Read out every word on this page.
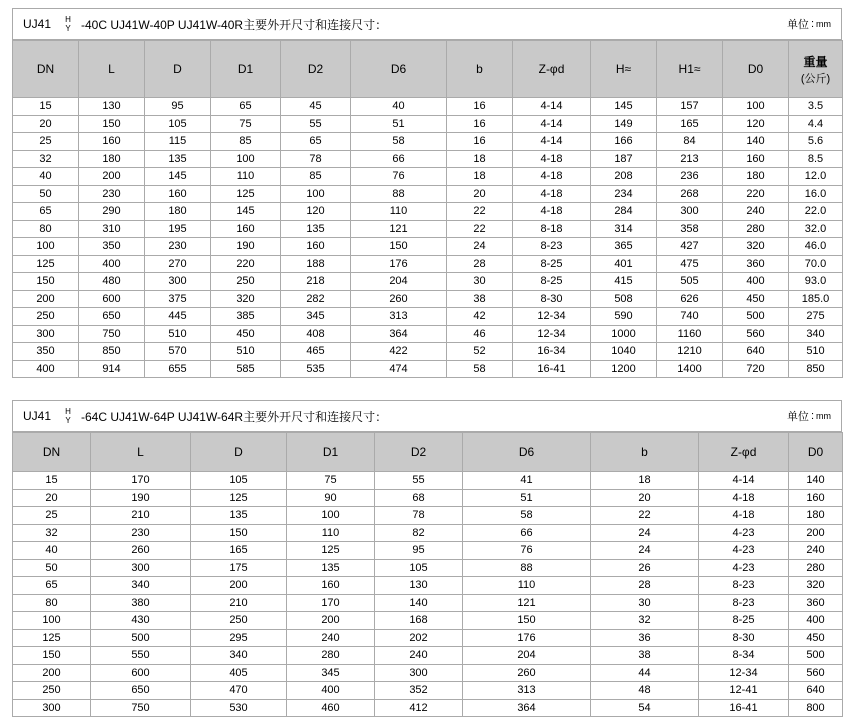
UJ41	H
Y -40C UJ41W-40P UJ41W-40R主要外开尺寸和连接尺寸：	单位 : mm
DN	L	D	D1	D2	D6	b	Z-φd	H≈	H1≈	D0	重量
(公斤)

15	130	95	65	45	40	16	4-14	145	157	100	3.5
20	150	105	75	55	51	16	4-14	149	165	120	4.4
25	160	115	85	65	58	16	4-14	166	84	140	5.6
32	180	135	100	78	66	18	4-18	187	213	160	8.5
40	200	145	110	85	76	18	4-18	208	236	180	12.0
50	230	160	125	100	88	20	4-18	234	268	220	16.0
65	290	180	145	120	110	22	4-18	284	300	240	22.0
80	310	195	160	135	121	22	8-18	314	358	280	32.0
100	350	230	190	160	150	24	8-23	365	427	320	46.0
125	400	270	220	188	176	28	8-25	401	475	360	70.0
150	480	300	250	218	204	30	8-25	415	505	400	93.0
200	600	375	320	282	260	38	8-30	508	626	450	185.0
250	650	445	385	345	313	42	12-34	590	740	500	275
300	750	510	450	408	364	46	12-34	1000	1160	560	340
350	850	570	510	465	422	52	16-34	1040	1210	640	510
400	914	655	585	535	474	58	16-41	1200	1400	720	850
UJ41	H
Y -64C UJ41W-64P UJ41W-64R主要外开尺寸和连接尺寸：	单位 : mm
DN	L	D	D1	D2	D6	b	Z-φd	D0
15	170	105	75	55	41	18	4-14	140
20	190	125	90	68	51	20	4-18	160
25	210	135	100	78	58	22	4-18	180
32	230	150	110	82	66	24	4-23	200
40	260	165	125	95	76	24	4-23	240
50	300	175	135	105	88	26	4-23	280
65	340	200	160	130	110	28	8-23	320
80	380	210	170	140	121	30	8-23	360
100	430	250	200	168	150	32	8-25	400
125	500	295	240	202	176	36	8-30	450
150	550	340	280	240	204	38	8-34	500
200	600	405	345	300	260	44	12-34	560
250	650	470	400	352	313	48	12-41	640
300	750	530	460	412	364	54	16-41	800
